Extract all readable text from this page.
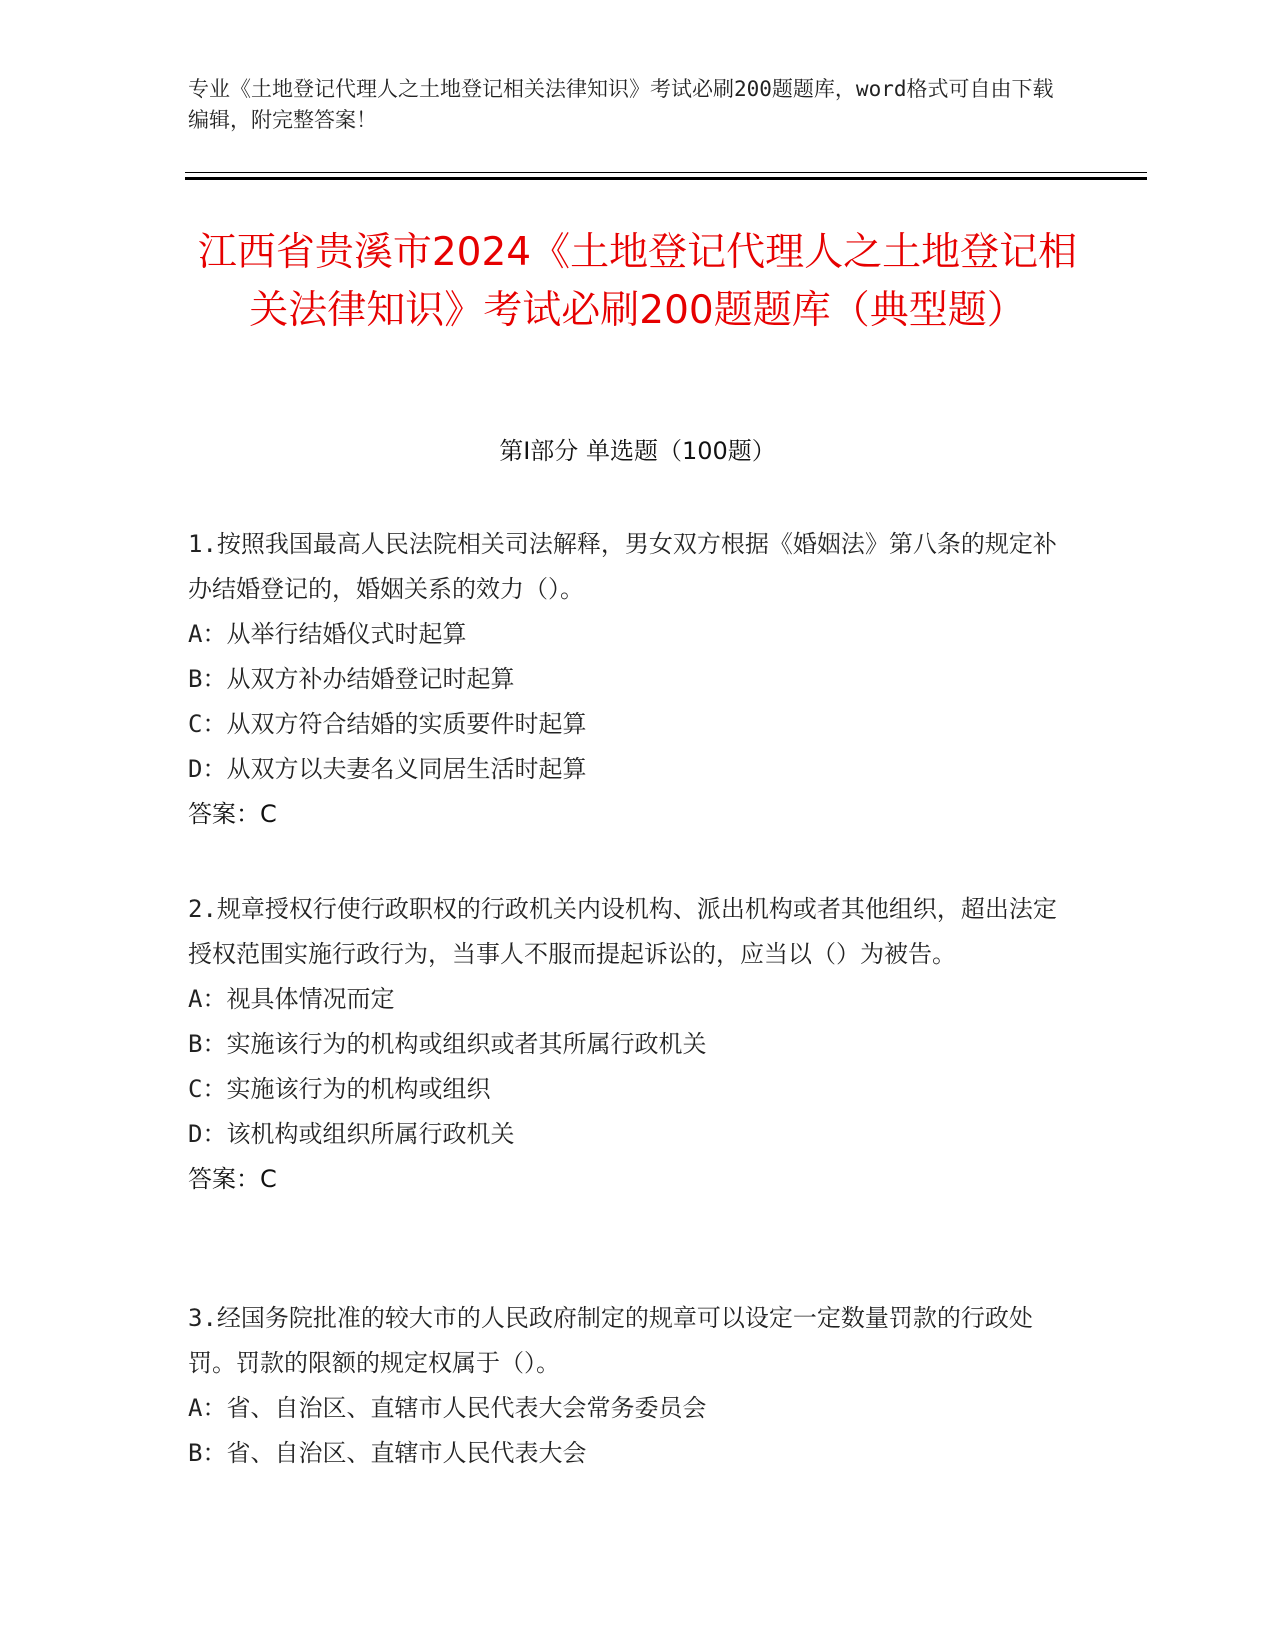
专业《土地登记代理人之土地登记相关法律知识》考试必刷200题题库，word格式可自由下载编辑，附完整答案！
江西省贵溪市2024《土地登记代理人之土地登记相关法律知识》考试必刷200题题库（典型题）
第I部分 单选题（100题）

1.按照我国最高人民法院相关司法解释，男女双方根据《婚姻法》第八条的规定补办结婚登记的，婚姻关系的效力（）。

A：从举行结婚仪式时起算

B：从双方补办结婚登记时起算

C：从双方符合结婚的实质要件时起算

D：从双方以夫妻名义同居生活时起算

答案：C

2.规章授权行使行政职权的行政机关内设机构、派出机构或者其他组织，超出法定授权范围实施行政行为，当事人不服而提起诉讼的，应当以（）为被告。

A：视具体情况而定

B：实施该行为的机构或组织或者其所属行政机关

C：实施该行为的机构或组织

D：该机构或组织所属行政机关

答案：C

3.经国务院批准的较大市的人民政府制定的规章可以设定一定数量罚款的行政处罚。罚款的限额的规定权属于（）。

A：省、自治区、直辖市人民代表大会常务委员会

B：省、自治区、直辖市人民代表大会
